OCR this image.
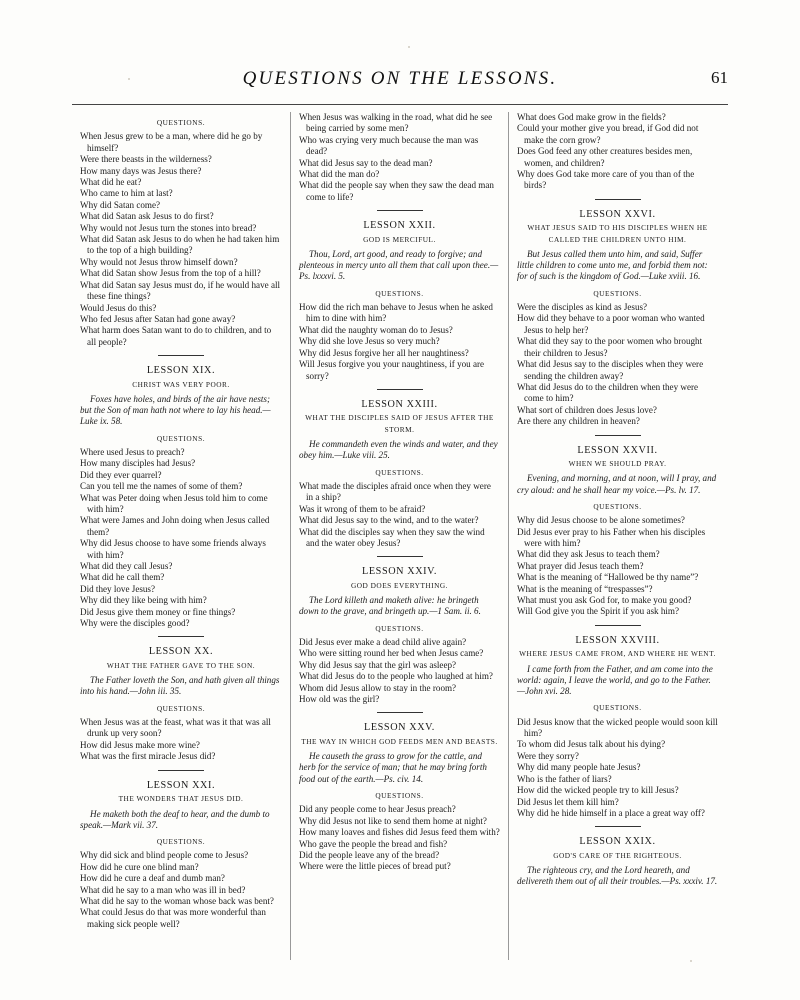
QUESTIONS ON THE LESSONS.	61
QUESTIONS.

When Jesus grew to be a man, where did he go by himself?

Were there beasts in the wilderness?

How many days was Jesus there?

What did he eat?

Who came to him at last?

Why did Satan come?

What did Satan ask Jesus to do first?

Why would not Jesus turn the stones into bread?

What did Satan ask Jesus to do when he had taken him to the top of a high building?

Why would not Jesus throw himself down?

What did Satan show Jesus from the top of a hill?

What did Satan say Jesus must do, if he would have all these fine things?

Would Jesus do this?

Who fed Jesus after Satan had gone away?

What harm does Satan want to do to children, and to all people?

LESSON XIX.
CHRIST WAS VERY POOR.
Foxes have holes, and birds of the air have nests; but the Son of man hath not where to lay his head.—Luke ix. 58.
QUESTIONS.

Where used Jesus to preach?

How many disciples had Jesus?

Did they ever quarrel?

Can you tell me the names of some of them?

What was Peter doing when Jesus told him to come with him?

What were James and John doing when Jesus called them?

Why did Jesus choose to have some friends always with him?

What did they call Jesus?

What did he call them?

Did they love Jesus?

Why did they like being with him?

Did Jesus give them money or fine things?

Why were the disciples good?

LESSON XX.
WHAT THE FATHER GAVE TO THE SON.
The Father loveth the Son, and hath given all things into his hand.—John iii. 35.
QUESTIONS.

When Jesus was at the feast, what was it that was all drunk up very soon?

How did Jesus make more wine?

What was the first miracle Jesus did?

LESSON XXI.
THE WONDERS THAT JESUS DID.
He maketh both the deaf to hear, and the dumb to speak.—Mark vii. 37.
QUESTIONS.

Why did sick and blind people come to Jesus?

How did he cure one blind man?

How did he cure a deaf and dumb man?

What did he say to a man who was ill in bed?

What did he say to the woman whose back was bent?

What could Jesus do that was more wonderful than making sick people well?

When Jesus was walking in the road, what did he see being carried by some men?

Who was crying very much because the man was dead?

What did Jesus say to the dead man?

What did the man do?

What did the people say when they saw the dead man come to life?

LESSON XXII.
GOD IS MERCIFUL.
Thou, Lord, art good, and ready to forgive; and plenteous in mercy unto all them that call upon thee.—Ps. lxxxvi. 5.
QUESTIONS.

How did the rich man behave to Jesus when he asked him to dine with him?

What did the naughty woman do to Jesus?

Why did she love Jesus so very much?

Why did Jesus forgive her all her naughtiness?

Will Jesus forgive you your naughtiness, if you are sorry?

LESSON XXIII.
WHAT THE DISCIPLES SAID OF JESUS AFTER THE STORM.
He commandeth even the winds and water, and they obey him.—Luke viii. 25.
QUESTIONS.

What made the disciples afraid once when they were in a ship?

Was it wrong of them to be afraid?

What did Jesus say to the wind, and to the water?

What did the disciples say when they saw the wind and the water obey Jesus?

LESSON XXIV.
GOD DOES EVERYTHING.
The Lord killeth and maketh alive: he bringeth down to the grave, and bringeth up.—1 Sam. ii. 6.
QUESTIONS.

Did Jesus ever make a dead child alive again?

Who were sitting round her bed when Jesus came?

Why did Jesus say that the girl was asleep?

What did Jesus do to the people who laughed at him?

Whom did Jesus allow to stay in the room?

How old was the girl?

LESSON XXV.
THE WAY IN WHICH GOD FEEDS MEN AND BEASTS.
He causeth the grass to grow for the cattle, and herb for the service of man; that he may bring forth food out of the earth.—Ps. civ. 14.
QUESTIONS.

Did any people come to hear Jesus preach?

Why did Jesus not like to send them home at night?

How many loaves and fishes did Jesus feed them with?

Who gave the people the bread and fish?

Did the people leave any of the bread?

Where were the little pieces of bread put?

What does God make grow in the fields?

Could your mother give you bread, if God did not make the corn grow?

Does God feed any other creatures besides men, women, and children?

Why does God take more care of you than of the birds?

LESSON XXVI.
WHAT JESUS SAID TO HIS DISCIPLES WHEN HE CALLED THE CHILDREN UNTO HIM.
But Jesus called them unto him, and said, Suffer little children to come unto me, and forbid them not: for of such is the kingdom of God.—Luke xviii. 16.
QUESTIONS.

Were the disciples as kind as Jesus?

How did they behave to a poor woman who wanted Jesus to help her?

What did they say to the poor women who brought their children to Jesus?

What did Jesus say to the disciples when they were sending the children away?

What did Jesus do to the children when they were come to him?

What sort of children does Jesus love?

Are there any children in heaven?

LESSON XXVII.
WHEN WE SHOULD PRAY.
Evening, and morning, and at noon, will I pray, and cry aloud: and he shall hear my voice.—Ps. lv. 17.
QUESTIONS.

Why did Jesus choose to be alone sometimes?

Did Jesus ever pray to his Father when his disciples were with him?

What did they ask Jesus to teach them?

What prayer did Jesus teach them?

What is the meaning of “Hallowed be thy name”?

What is the meaning of “trespasses”?

What must you ask God for, to make you good?

Will God give you the Spirit if you ask him?

LESSON XXVIII.
WHERE JESUS CAME FROM, AND WHERE HE WENT.
I came forth from the Father, and am come into the world: again, I leave the world, and go to the Father.—John xvi. 28.
QUESTIONS.

Did Jesus know that the wicked people would soon kill him?

To whom did Jesus talk about his dying?

Were they sorry?

Why did many people hate Jesus?

Who is the father of liars?

How did the wicked people try to kill Jesus?

Did Jesus let them kill him?

Why did he hide himself in a place a great way off?

LESSON XXIX.
GOD'S CARE OF THE RIGHTEOUS.
The righteous cry, and the Lord heareth, and delivereth them out of all their troubles.—Ps. xxxiv. 17.
